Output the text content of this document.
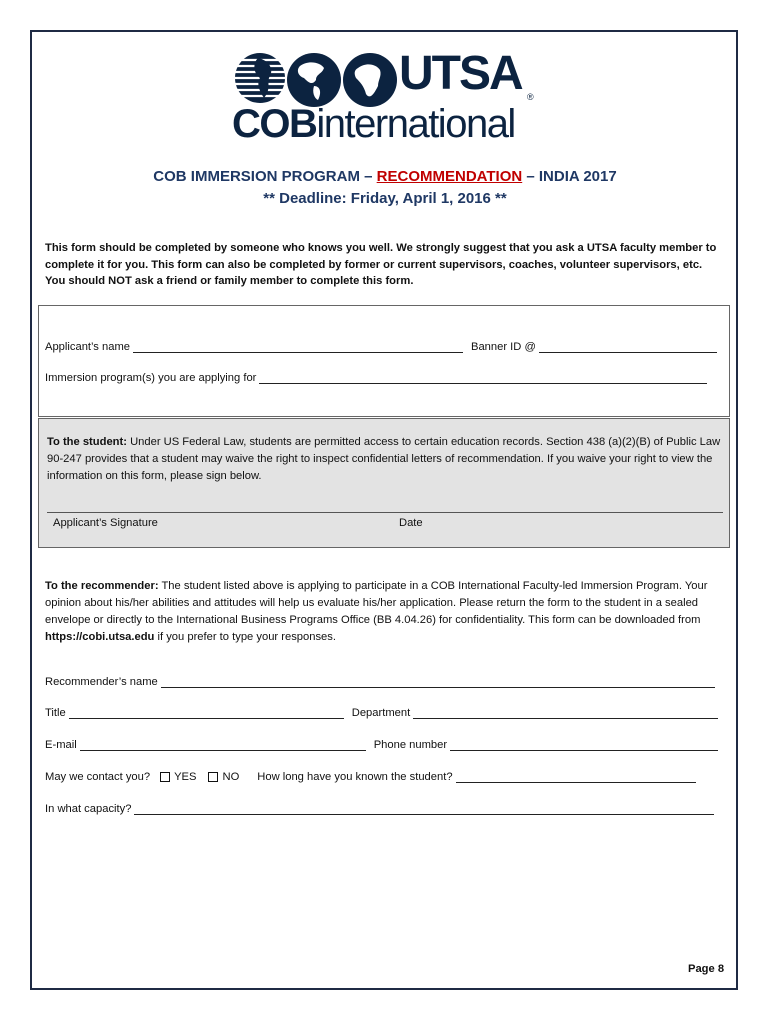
UTSA ®
COBinternational
COB IMMERSION PROGRAM – RECOMMENDATION – INDIA 2017
** Deadline: Friday, April 1, 2016 **
This form should be completed by someone who knows you well. We strongly suggest that you ask a UTSA faculty member to complete it for you. This form can also be completed by former or current supervisors, coaches, volunteer supervisors, etc. You should NOT ask a friend or family member to complete this form.
Applicant’s name	Banner ID @
Immersion program(s) you are applying for
To the student: Under US Federal Law, students are permitted access to certain education records. Section 438 (a)(2)(B) of Public Law 90-247 provides that a student may waive the right to inspect confidential letters of recommendation. If you waive your right to view the information on this form, please sign below.
Applicant’s Signature	Date
To the recommender: The student listed above is applying to participate in a COB International Faculty-led Immersion Program. Your opinion about his/her abilities and attitudes will help us evaluate his/her application. Please return the form to the student in a sealed envelope or directly to the International Business Programs Office (BB 4.04.26) for confidentiality. This form can be downloaded from https://cobi.utsa.edu if you prefer to type your responses.
Recommender’s name
Title	Department
E-mail	Phone number
May we contact you?	YES	NO How long have you known the student?
In what capacity?
Page 8
